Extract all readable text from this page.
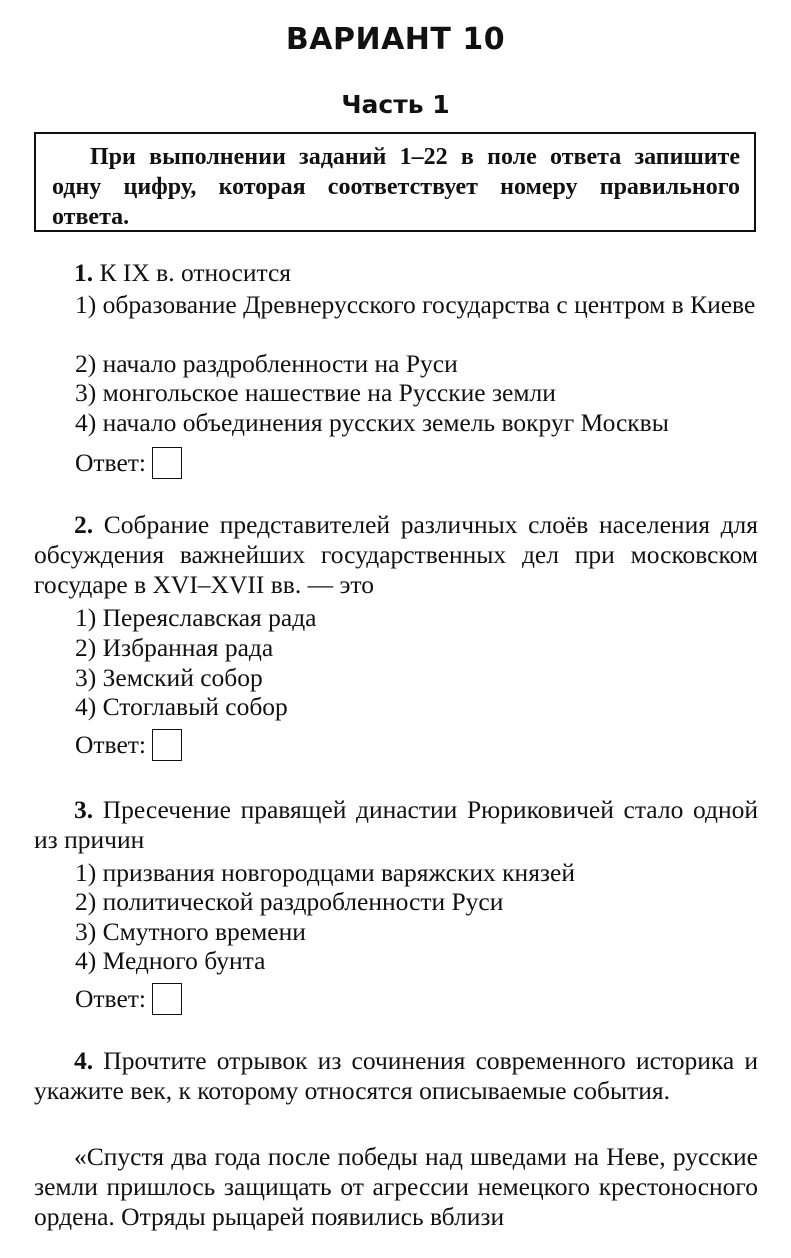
ВАРИАНТ 10
Часть 1
При выполнении заданий 1–22 в поле ответа запишите одну цифру, которая соответствует номеру правильного ответа.

1. К IX в. относится

1) образование Древнерусского государства с центром в Киеве

2) начало раздробленности на Руси

3) монгольское нашествие на Русские земли

4) начало объединения русских земель вокруг Москвы

Ответ:

2. Собрание представителей различных слоёв населения для обсуждения важнейших государственных дел при московском государе в XVI–XVII вв. — это

1) Переяславская рада

2) Избранная рада

3) Земский собор

4) Стоглавый собор

Ответ:

3. Пресечение правящей династии Рюриковичей стало одной из причин

1) призвания новгородцами варяжских князей

2) политической раздробленности Руси

3) Смутного времени

4) Медного бунта

Ответ:

4. Прочтите отрывок из сочинения современного историка и укажите век, к которому относятся описываемые события.

«Спустя два года после победы над шведами на Неве, русские земли пришлось защищать от агрессии немецкого крестоносного ордена. Отряды рыцарей появились вблизи
